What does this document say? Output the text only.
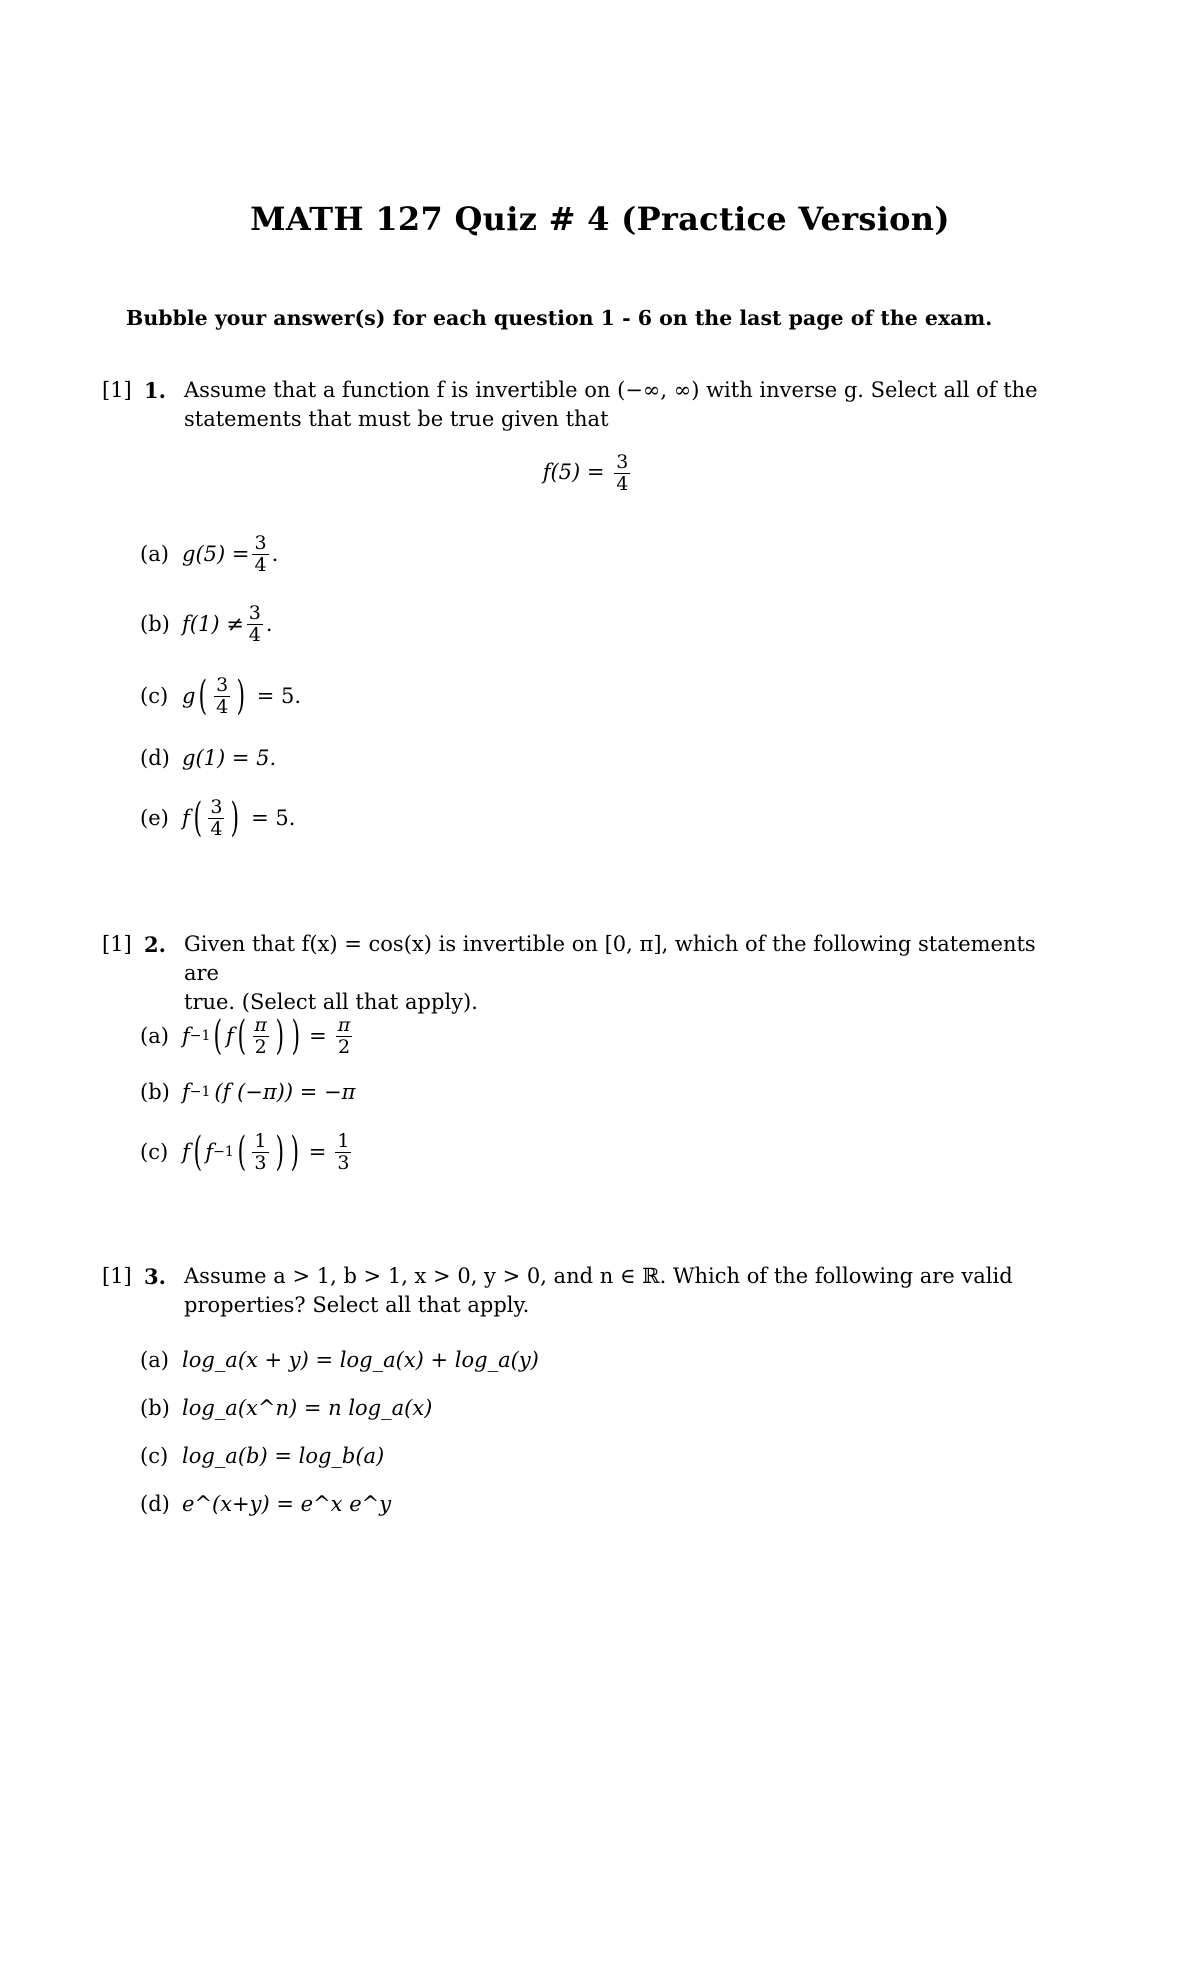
MATH 127 Quiz # 4 (Practice Version)
Bubble your answer(s) for each question 1 - 6 on the last page of the exam.
[1] 1. Assume that a function f is invertible on (−∞, ∞) with inverse g. Select all of the
statements that must be true given that
$f(5) = \frac{3}{4}$
(a) $g(5) = \frac{3}{4}$ .
(b) $f(1) \ne \frac{3}{4}$ .
(c) g ( $\frac{3}{4}$ ) = 5.
(d) g(1) = 5.
(e) f ( $\frac{3}{4}$ ) = 5.
[1] 2. Given that f(x) = cos(x) is invertible on [0, π], which of the following statements are
true. (Select all that apply).
(a) f −1 ( f ( $\frac{\pi}{2}$ ) ) = $\frac{\pi}{2}$
(b) f −1 (f (−π)) = −π
(c) f ( f −1 ( $\frac{1}{3}$ ) ) = $\frac{1}{3}$
[1] 3. Assume a > 1, b > 1, x > 0, y > 0, and n ∈ ℝ. Which of the following are valid
properties? Select all that apply.
(a) log_a(x + y) = log_a(x) + log_a(y)
(b) log_a(x^n) = n log_a(x)
(c) log_a(b) = log_b(a)
(d) e^(x+y) = e^x e^y
